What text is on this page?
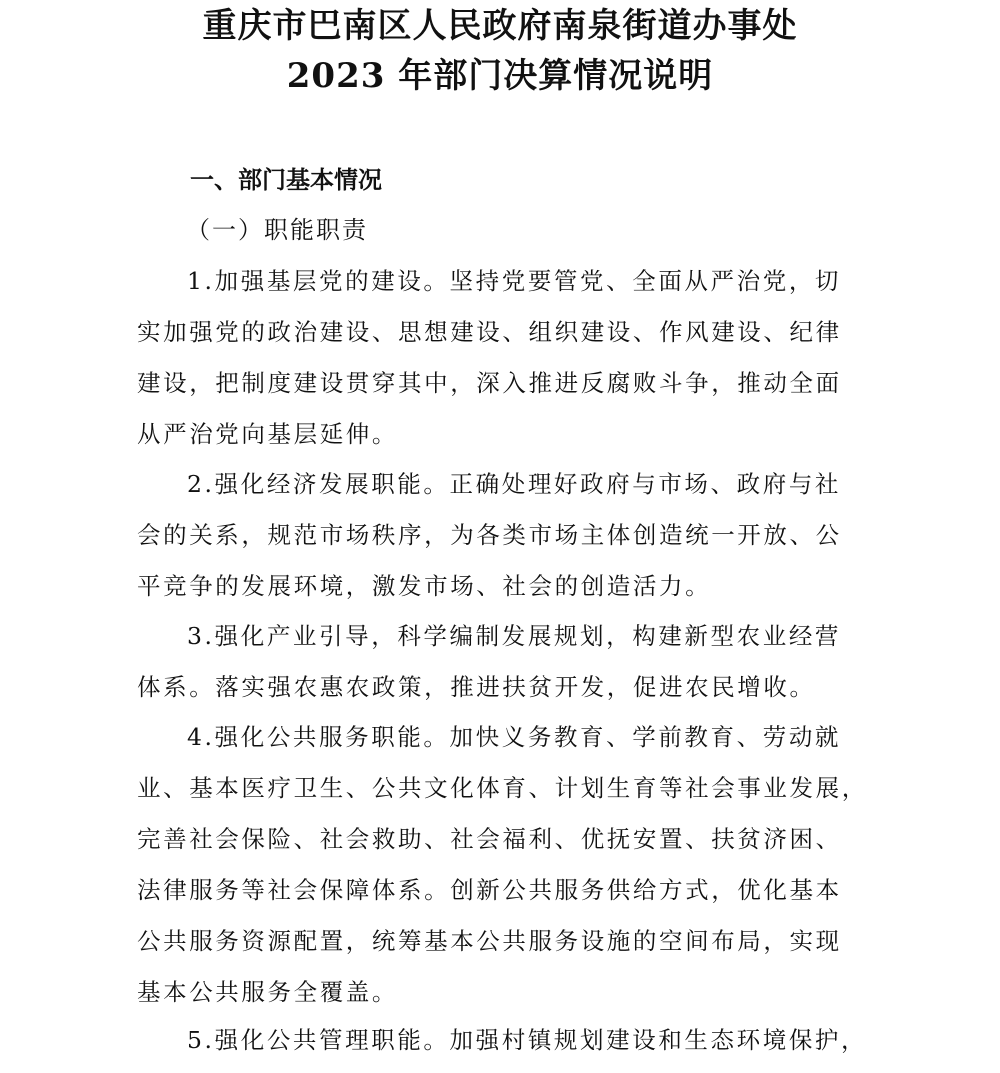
重庆市巴南区人民政府南泉街道办事处
2023 年部门决算情况说明
一、部门基本情况
（一）职能职责
1.加强基层党的建设。坚持党要管党、全面从严治党，切
实加强党的政治建设、思想建设、组织建设、作风建设、纪律
建设，把制度建设贯穿其中，深入推进反腐败斗争，推动全面
从严治党向基层延伸。
2.强化经济发展职能。正确处理好政府与市场、政府与社
会的关系，规范市场秩序，为各类市场主体创造统一开放、公
平竞争的发展环境，激发市场、社会的创造活力。
3.强化产业引导，科学编制发展规划，构建新型农业经营
体系。落实强农惠农政策，推进扶贫开发，促进农民增收。
4.强化公共服务职能。加快义务教育、学前教育、劳动就
业、基本医疗卫生、公共文化体育、计划生育等社会事业发展，
完善社会保险、社会救助、社会福利、优抚安置、扶贫济困、
法律服务等社会保障体系。创新公共服务供给方式，优化基本
公共服务资源配置，统筹基本公共服务设施的空间布局，实现
基本公共服务全覆盖。
5.强化公共管理职能。加强村镇规划建设和生态环境保护，
